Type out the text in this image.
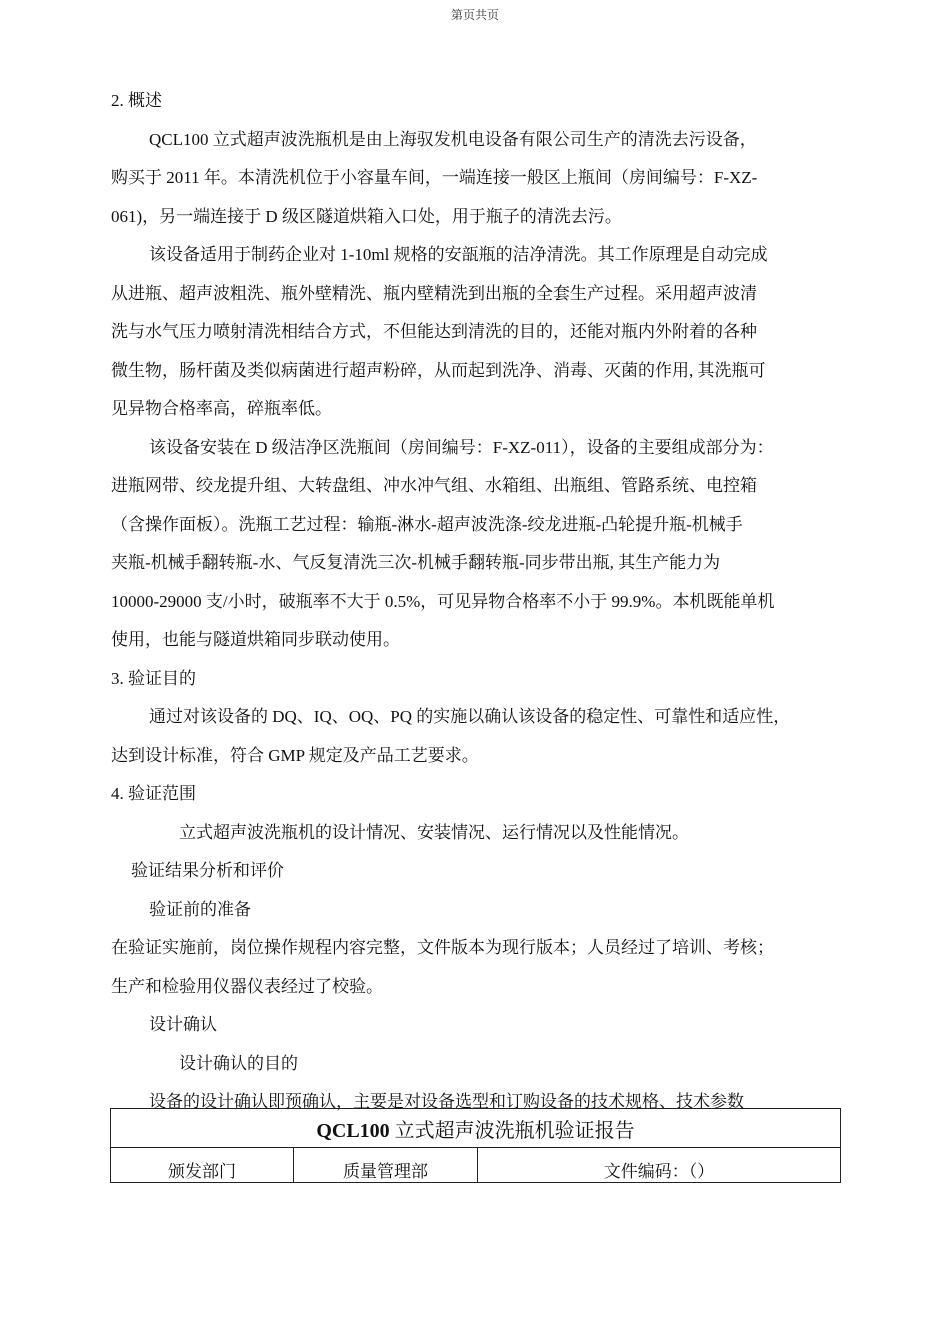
第页共页
2. 概述
QCL100 立式超声波洗瓶机是由上海驭发机电设备有限公司生产的清洗去污设备，
购买于 2011 年。本清洗机位于小容量车间，一端连接一般区上瓶间（房间编号：F-XZ-
061)，另一端连接于 D 级区隧道烘箱入口处，用于瓶子的清洗去污。
该设备适用于制药企业对 1-10ml 规格的安瓿瓶的洁净清洗。其工作原理是自动完成
从进瓶、超声波粗洗、瓶外壁精洗、瓶内壁精洗到出瓶的全套生产过程。采用超声波清
洗与水气压力喷射清洗相结合方式，不但能达到清洗的目的，还能对瓶内外附着的各种
微生物，肠杆菌及类似病菌进行超声粉碎，从而起到洗净、消毒、灭菌的作用, 其洗瓶可
见异物合格率高，碎瓶率低。
该设备安装在 D 级洁净区洗瓶间（房间编号：F-XZ-011），设备的主要组成部分为：
进瓶网带、绞龙提升组、大转盘组、冲水冲气组、水箱组、出瓶组、管路系统、电控箱
（含操作面板）。洗瓶工艺过程：输瓶-淋水-超声波洗涤-绞龙进瓶-凸轮提升瓶-机械手
夹瓶-机械手翻转瓶-水、气反复清洗三次-机械手翻转瓶-同步带出瓶, 其生产能力为
10000-29000 支/小时，破瓶率不大于 0.5%，可见异物合格率不小于 99.9%。本机既能单机
使用，也能与隧道烘箱同步联动使用。
3. 验证目的
通过对该设备的 DQ、IQ、OQ、PQ 的实施以确认该设备的稳定性、可靠性和适应性，
达到设计标准，符合 GMP 规定及产品工艺要求。
4. 验证范围
立式超声波洗瓶机的设计情况、安装情况、运行情况以及性能情况。
验证结果分析和评价
验证前的准备
在验证实施前，岗位操作规程内容完整，文件版本为现行版本；人员经过了培训、考核；
生产和检验用仪器仪表经过了校验。
设计确认
设计确认的目的
设备的设计确认即预确认，主要是对设备选型和订购设备的技术规格、技术参数
QCL100 立式超声波洗瓶机验证报告
颁发部门	质量管理部	文件编码：（）
